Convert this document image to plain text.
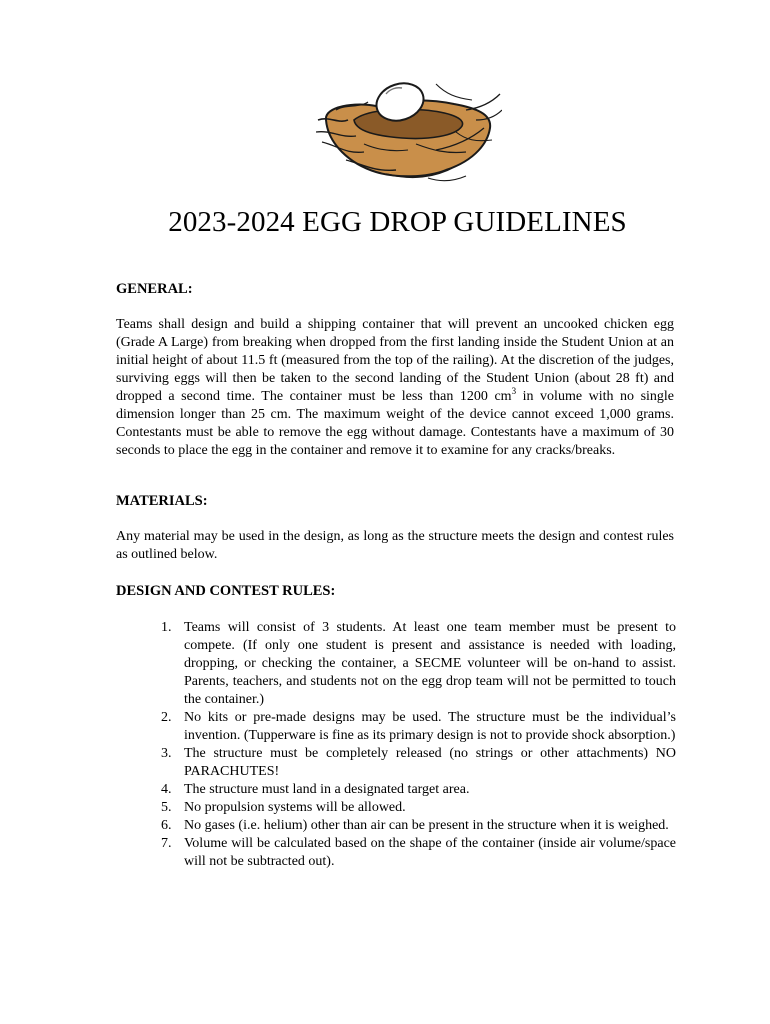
2023-2024 EGG DROP GUIDELINES
GENERAL:

Teams shall design and build a shipping container that will prevent an uncooked chicken egg (Grade A Large) from breaking when dropped from the first landing inside the Student Union at an initial height of about 11.5 ft (measured from the top of the railing). At the discretion of the judges, surviving eggs will then be taken to the second landing of the Student Union (about 28 ft) and dropped a second time. The container must be less than 1200 $cm^3$ in volume with no single dimension longer than 25 cm. The maximum weight of the device cannot exceed 1,000 grams. Contestants must be able to remove the egg without damage. Contestants have a maximum of 30 seconds to place the egg in the container and remove it to examine for any cracks/breaks.

MATERIALS:

Any material may be used in the design, as long as the structure meets the design and contest rules as outlined below.

DESIGN AND CONTEST RULES:
1. Teams will consist of 3 students. At least one team member must be present to compete. (If only one student is present and assistance is needed with loading, dropping, or checking the container, a SECME volunteer will be on-hand to assist. Parents, teachers, and students not on the egg drop team will not be permitted to touch the container.)
2. No kits or pre-made designs may be used. The structure must be the individual’s invention. (Tupperware is fine as its primary design is not to provide shock absorption.)
3. The structure must be completely released (no strings or other attachments) NO PARACHUTES!
4. The structure must land in a designated target area.
5. No propulsion systems will be allowed.
6. No gases (i.e. helium) other than air can be present in the structure when it is weighed.
7. Volume will be calculated based on the shape of the container (inside air volume/space will not be subtracted out).
